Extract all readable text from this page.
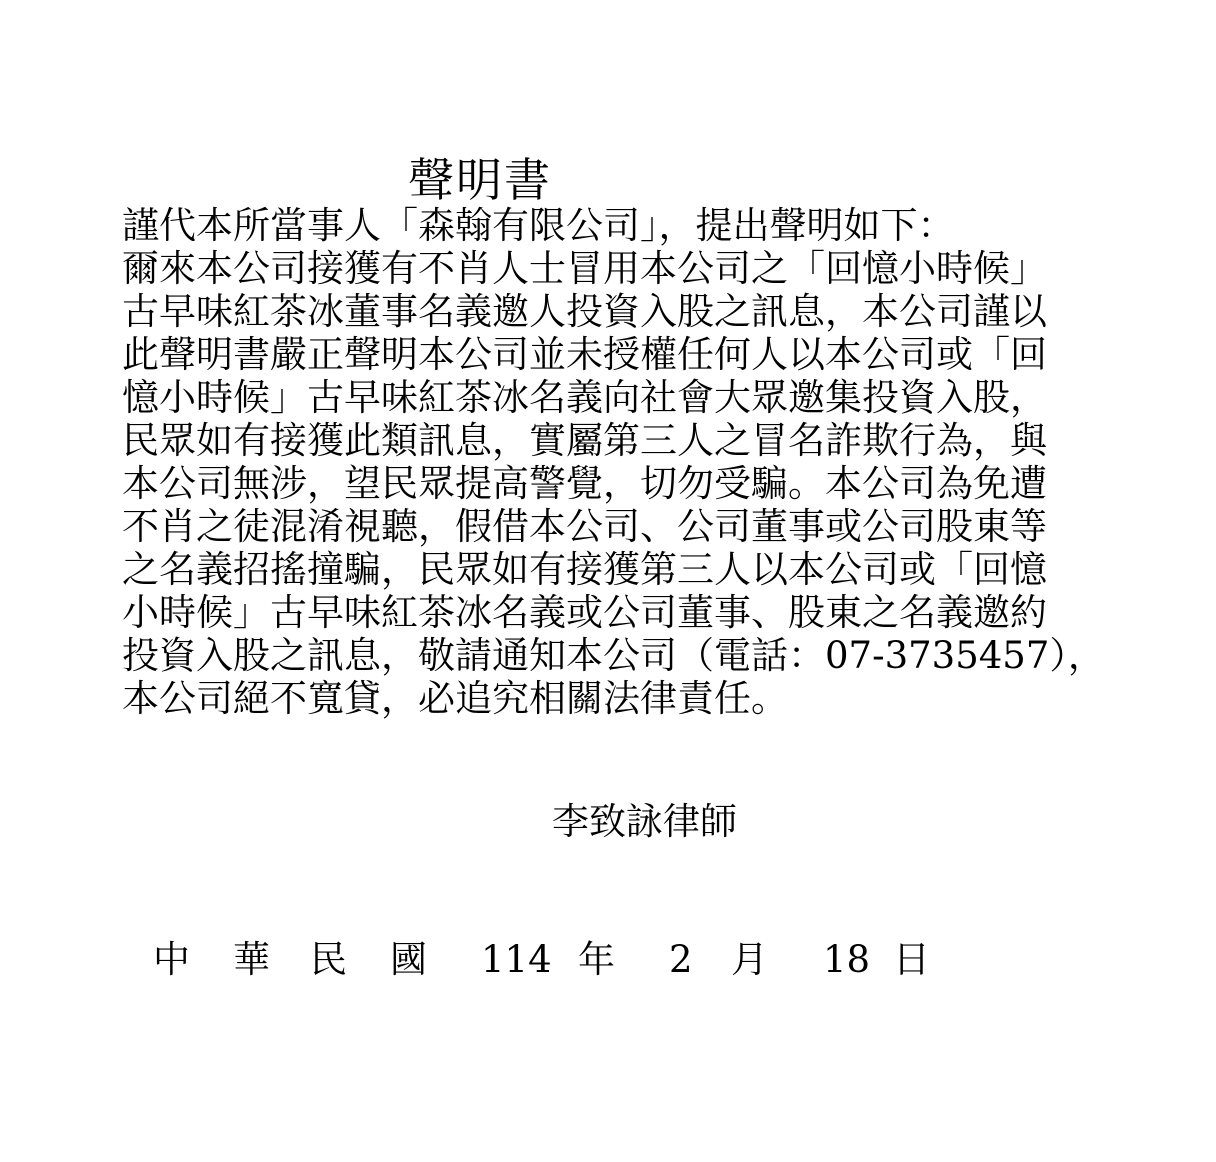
聲明書
謹代本所當事人「森翰有限公司」，提出聲明如下：
爾來本公司接獲有不肖人士冒用本公司之「回憶小時候」
古早味紅茶冰董事名義邀人投資入股之訊息，本公司謹以
此聲明書嚴正聲明本公司並未授權任何人以本公司或「回
憶小時候」古早味紅茶冰名義向社會大眾邀集投資入股，
民眾如有接獲此類訊息，實屬第三人之冒名詐欺行為，與
本公司無涉，望民眾提高警覺，切勿受騙。本公司為免遭
不肖之徒混淆視聽，假借本公司、公司董事或公司股東等
之名義招搖撞騙，民眾如有接獲第三人以本公司或「回憶
小時候」古早味紅茶冰名義或公司董事、股東之名義邀約
投資入股之訊息，敬請通知本公司（電話：07-3735457），
本公司絕不寬貸，必追究相關法律責任。
李致詠律師
中 華 民 國 114 年 2 月 18 日
